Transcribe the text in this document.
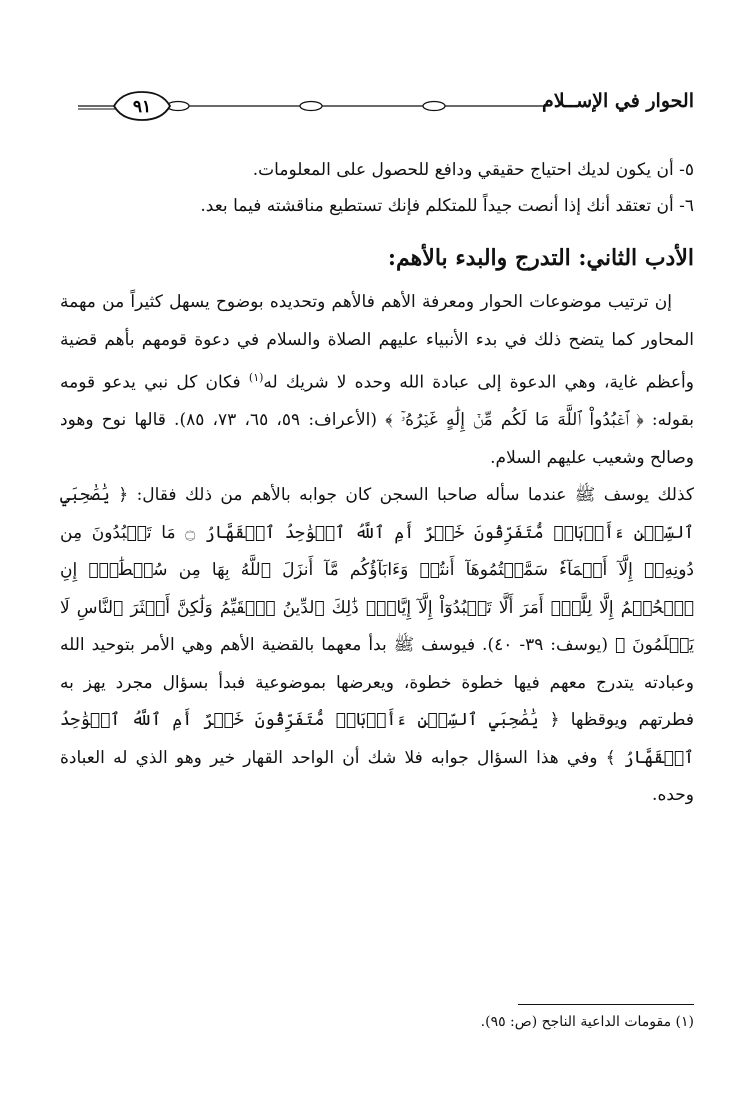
الحوار في الإســلام
٩١

٥- أن يكون لديك احتياج حقيقي ودافع للحصول على المعلومات.

٦- أن تعتقد أنك إذا أنصت جيداً للمتكلم فإنك تستطيع مناقشته فيما بعد.

الأدب الثاني: التدرج والبدء بالأهم:

إن ترتيب موضوعات الحوار ومعرفة الأهم فالأهم وتحديده بوضوح يسهل كثيراً من مهمة المحاور كما يتضح ذلك في بدء الأنبياء عليهم الصلاة والسلام في دعوة قومهم بأهم قضية وأعظم غاية، وهي الدعوة إلى عبادة الله وحده لا شريك له$^{(١)}$ فكان كل نبي يدعو قومه بقوله: ﴿ ٱعۡبُدُواْ ٱللَّهَ مَا لَكُم مِّنۡ إِلَٰهٍ غَيۡرُهُۥٓ ﴾ (الأعراف: ٥٩، ٦٥، ٧٣، ٨٥). قالها نوح وهود وصالح وشعيب عليهم السلام.

كذلك يوسف ﷺ عندما سأله صاحبا السجن كان جوابه بالأهم من ذلك فقال: ﴿ يَٰصَٰحِبَيِ ٱلسِّجۡنِ ءَأَرۡبَابٞ مُّتَفَرِّقُونَ خَيۡرٌ أَمِ ٱللَّهُ ٱلۡوَٰحِدُ ٱلۡقَهَّارُ ۝ مَا تَعۡبُدُونَ مِن دُونِهِۦٓ إِلَّآ أَسۡمَآءٗ سَمَّيۡتُمُوهَآ أَنتُمۡ وَءَابَآؤُكُم مَّآ أَنزَلَ ٱللَّهُ بِهَا مِن سُلۡطَٰنٍۚ إِنِ ٱلۡحُكۡمُ إِلَّا لِلَّهِۚ أَمَرَ أَلَّا تَعۡبُدُوٓاْ إِلَّآ إِيَّاهُۚ ذَٰلِكَ ٱلدِّينُ ٱلۡقَيِّمُ وَلَٰكِنَّ أَكۡثَرَ ٱلنَّاسِ لَا يَعۡلَمُونَ ﴾ (يوسف: ٣٩- ٤٠). فيوسف ﷺ بدأ معهما بالقضية الأهم وهي الأمر بتوحيد الله وعبادته يتدرج معهم فيها خطوة خطوة، ويعرضها بموضوعية فبدأ بسؤال مجرد يهز به فطرتهم ويوقظها ﴿ يَٰصَٰحِبَيِ ٱلسِّجۡنِ ءَأَرۡبَابٞ مُّتَفَرِّقُونَ خَيۡرٌ أَمِ ٱللَّهُ ٱلۡوَٰحِدُ ٱلۡقَهَّارُ ﴾ وفي هذا السؤال جوابه فلا شك أن الواحد القهار خير وهو الذي له العبادة وحده.

(١) مقومات الداعية الناجح (ص: ٩٥).
